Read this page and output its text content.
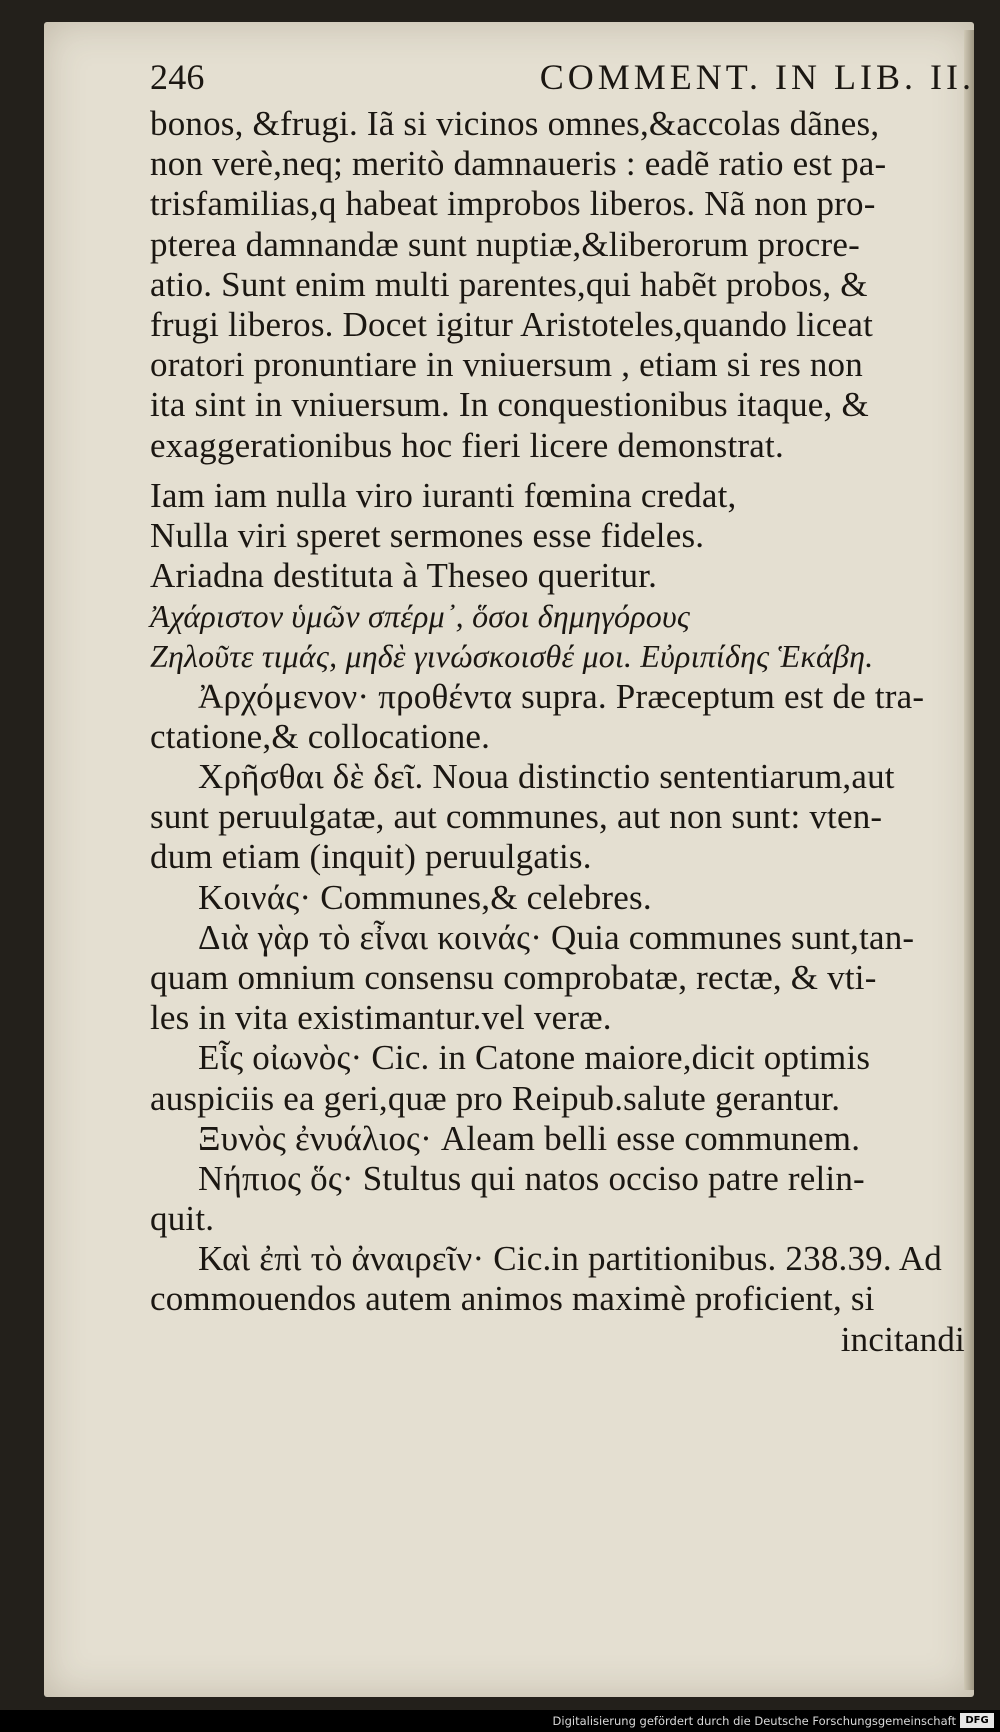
246	COMMENT. IN LIB. II.
bonos, &frugi. Iã si vicinos omnes,&accolas dãnes,
non verè,neq; meritò damnaueris : eadẽ ratio est pa-
trisfamilias,q habeat improbos liberos. Nã non pro-
pterea damnandæ sunt nuptiæ,&liberorum procre-
atio. Sunt enim multi parentes,qui habẽt probos, &
frugi liberos. Docet igitur Aristoteles,quando liceat
oratori pronuntiare in vniuersum , etiam si res non
ita sint in vniuersum. In conquestionibus itaque, &
exaggerationibus hoc fieri licere demonstrat.
Iam iam nulla viro iuranti fœmina credat,
Nulla viri speret sermones esse fideles.
Ariadna destituta à Theseo queritur.
Ἀχάριστον ὑμῶν σπέρμ᾽, ὅσοι δημηγόρους
Ζηλοῦτε τιμάς, μηδὲ γινώσκοισθέ μοι. Εὐριπίδης Ἑκάβη.
Ἀρχόμενον· προθέντα supra. Præceptum est de tra-
ctatione,& collocatione.
Χρῆσθαι δὲ δεῖ. Noua distinctio sententiarum,aut
sunt peruulgatæ, aut communes, aut non sunt: vten-
dum etiam (inquit) peruulgatis.
Κοινάς· Communes,& celebres.
Διὰ γὰρ τὸ εἶναι κοινάς· Quia communes sunt,tan-
quam omnium consensu comprobatæ, rectæ, & vti-
les in vita existimantur.vel veræ.
Εἷς οἰωνὸς· Cic. in Catone maiore,dicit optimis
auspiciis ea geri,quæ pro Reipub.salute gerantur.
Ξυνὸς ἐνυάλιος· Aleam belli esse communem.
Νήπιος ὅς· Stultus qui natos occiso patre relin-
quit.
Καὶ ἐπὶ τὸ ἀναιρεῖν· Cic.in partitionibus. 238.39. Ad
commouendos autem animos maximè proficient, si
incitandi
Digitalisierung gefördert durch die Deutsche Forschungsgemeinschaft DFG
